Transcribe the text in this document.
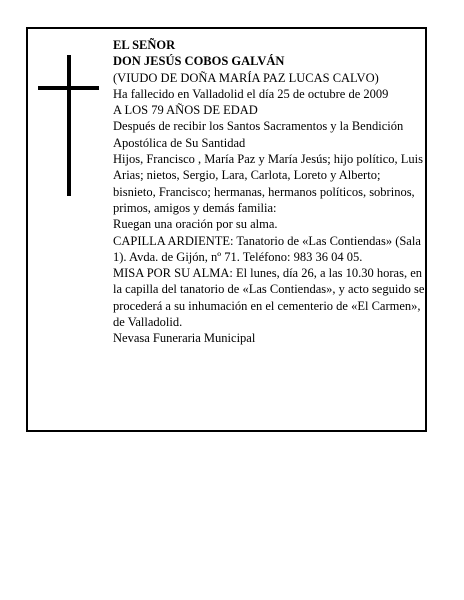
EL SEÑOR

DON JESÚS COBOS GALVÁN

(VIUDO DE DOÑA MARÍA PAZ LUCAS CALVO)

Ha fallecido en Valladolid el día 25 de octubre de 2009

A LOS 79 AÑOS DE EDAD

Después de recibir los Santos Sacramentos y la Bendición Apostólica de Su Santidad

Hijos, Francisco , María Paz y María Jesús; hijo político, Luis Arias; nietos, Sergio, Lara, Carlota, Loreto y Alberto; bisnieto, Francisco; hermanas, hermanos políticos, sobrinos, primos, amigos y demás familia:

Ruegan una oración por su alma.

CAPILLA ARDIENTE: Tanatorio de «Las Contiendas» (Sala 1). Avda. de Gijón, nº 71. Teléfono: 983 36 04 05.

MISA POR SU ALMA: El lunes, día 26, a las 10.30 horas, en la capilla del tanatorio de «Las Contiendas», y acto seguido se procederá a su inhumación en el cementerio de «El Carmen», de Valladolid.

Nevasa Funeraria Municipal
